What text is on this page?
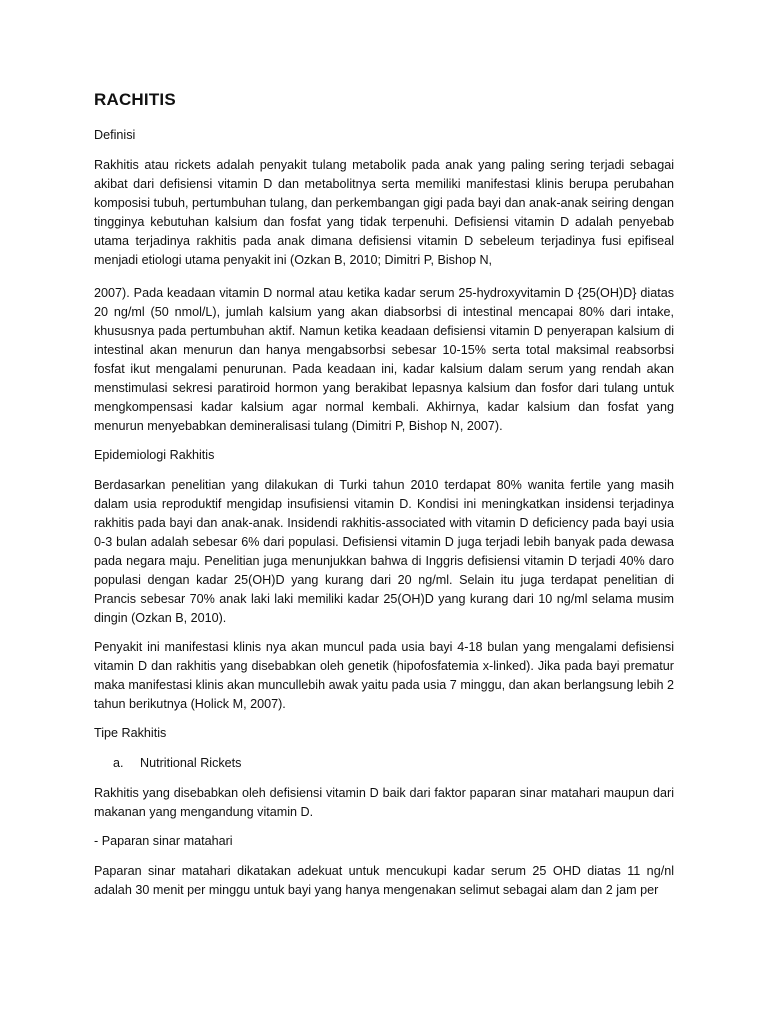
RACHITIS
Definisi

Rakhitis atau rickets adalah penyakit tulang metabolik pada anak yang paling sering terjadi sebagai akibat dari defisiensi vitamin D dan metabolitnya serta memiliki manifestasi klinis berupa perubahan komposisi tubuh, pertumbuhan tulang, dan perkembangan gigi pada bayi dan anak-anak seiring dengan tingginya kebutuhan kalsium dan fosfat yang tidak terpenuhi. Defisiensi vitamin D adalah penyebab utama terjadinya rakhitis pada anak dimana defisiensi vitamin D sebeleum terjadinya fusi epifiseal menjadi etiologi utama penyakit ini (Ozkan B, 2010; Dimitri P, Bishop N,

2007). Pada keadaan vitamin D normal atau ketika kadar serum 25-hydroxyvitamin D {25(OH)D} diatas 20 ng/ml (50 nmol/L), jumlah kalsium yang akan diabsorbsi di intestinal mencapai 80% dari intake, khususnya pada pertumbuhan aktif. Namun ketika keadaan defisiensi vitamin D penyerapan kalsium di intestinal akan menurun dan hanya mengabsorbsi sebesar 10-15% serta total maksimal reabsorbsi fosfat ikut mengalami penurunan. Pada keadaan ini, kadar kalsium dalam serum yang rendah akan menstimulasi sekresi paratiroid hormon yang berakibat lepasnya kalsium dan fosfor dari tulang untuk mengkompensasi kadar kalsium agar normal kembali. Akhirnya, kadar kalsium dan fosfat yang menurun menyebabkan demineralisasi tulang (Dimitri P, Bishop N, 2007).

Epidemiologi Rakhitis

Berdasarkan penelitian yang dilakukan di Turki tahun 2010 terdapat 80% wanita fertile yang masih dalam usia reproduktif mengidap insufisiensi vitamin D. Kondisi ini meningkatkan insidensi terjadinya rakhitis pada bayi dan anak-anak. Insidendi rakhitis-associated with vitamin D deficiency pada bayi usia 0-3 bulan adalah sebesar 6% dari populasi. Defisiensi vitamin D juga terjadi lebih banyak pada dewasa pada negara maju. Penelitian juga menunjukkan bahwa di Inggris defisiensi vitamin D terjadi 40% daro populasi dengan kadar 25(OH)D yang kurang dari 20 ng/ml. Selain itu juga terdapat penelitian di Prancis sebesar 70% anak laki laki memiliki kadar 25(OH)D yang kurang dari 10 ng/ml selama musim dingin (Ozkan B, 2010).

Penyakit ini manifestasi klinis nya akan muncul pada usia bayi 4-18 bulan yang mengalami defisiensi vitamin D dan rakhitis yang disebabkan oleh genetik (hipofosfatemia x-linked). Jika pada bayi prematur maka manifestasi klinis akan muncullebih awak yaitu pada usia 7 minggu, dan akan berlangsung lebih 2 tahun berikutnya (Holick M, 2007).

Tipe Rakhitis
a.	Nutritional Rickets

Rakhitis yang disebabkan oleh defisiensi vitamin D baik dari faktor paparan sinar matahari maupun dari makanan yang mengandung vitamin D.

- Paparan sinar matahari

Paparan sinar matahari dikatakan adekuat untuk mencukupi kadar serum 25 OHD diatas 11 ng/nl adalah 30 menit per minggu untuk bayi yang hanya mengenakan selimut sebagai alam dan 2 jam per
